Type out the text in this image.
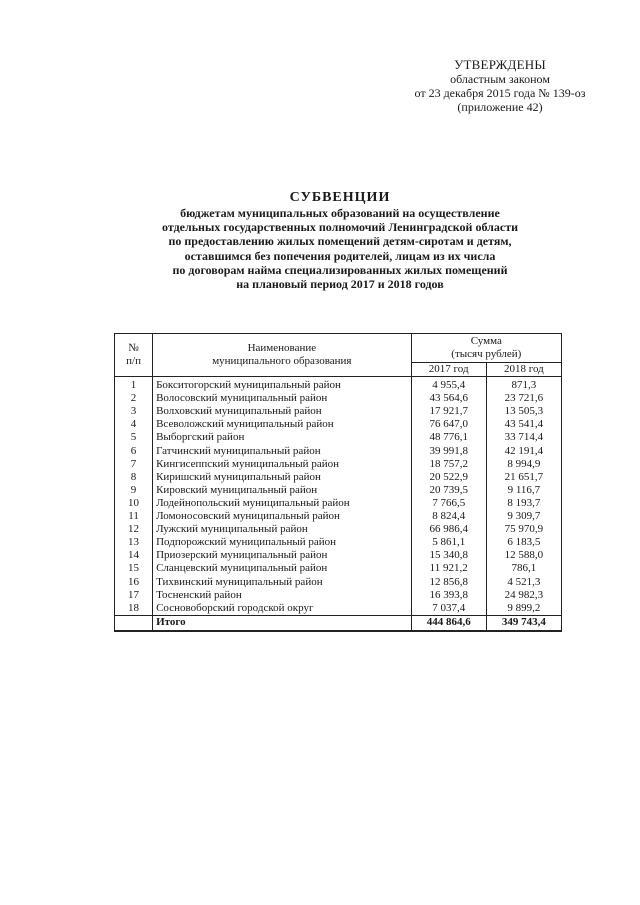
УТВЕРЖДЕНЫ
областным законом
от 23 декабря 2015 года № 139-оз
(приложение 42)
СУБВЕНЦИИ
бюджетам муниципальных образований на осуществление
отдельных государственных полномочий Ленинградской области
по предоставлению жилых помещений детям-сиротам и детям,
оставшимся без попечения родителей, лицам из их числа
по договорам найма специализированных жилых помещений
на плановый период 2017 и 2018 годов
№
п/п	Наименование
муниципального образования	Сумма
(тысяч рублей)	

		2017 год	2018 год
1	Бокситогорский муниципальный район	4 955,4	871,3
2	Волосовский муниципальный район	43 564,6	23 721,6
3	Волховский муниципальный район	17 921,7	13 505,3
4	Всеволожский муниципальный район	76 647,0	43 541,4
5	Выборгский район	48 776,1	33 714,4
6	Гатчинский муниципальный район	39 991,8	42 191,4
7	Кингисеппский муниципальный район	18 757,2	8 994,9
8	Киришский муниципальный район	20 522,9	21 651,7
9	Кировский муниципальный район	20 739,5	9 116,7
10	Лодейнопольский муниципальный район	7 766,5	8 193,7
11	Ломоносовский муниципальный район	8 824,4	9 309,7
12	Лужский муниципальный район	66 986,4	75 970,9
13	Подпорожский муниципальный район	5 861,1	6 183,5
14	Приозерский муниципальный район	15 340,8	12 588,0
15	Сланцевский муниципальный район	11 921,2	786,1
16	Тихвинский муниципальный район	12 856,8	4 521,3
17	Тосненский район	16 393,8	24 982,3
18	Сосновоборский городской округ	7 037,4	9 899,2
	Итого	444 864,6	349 743,4
